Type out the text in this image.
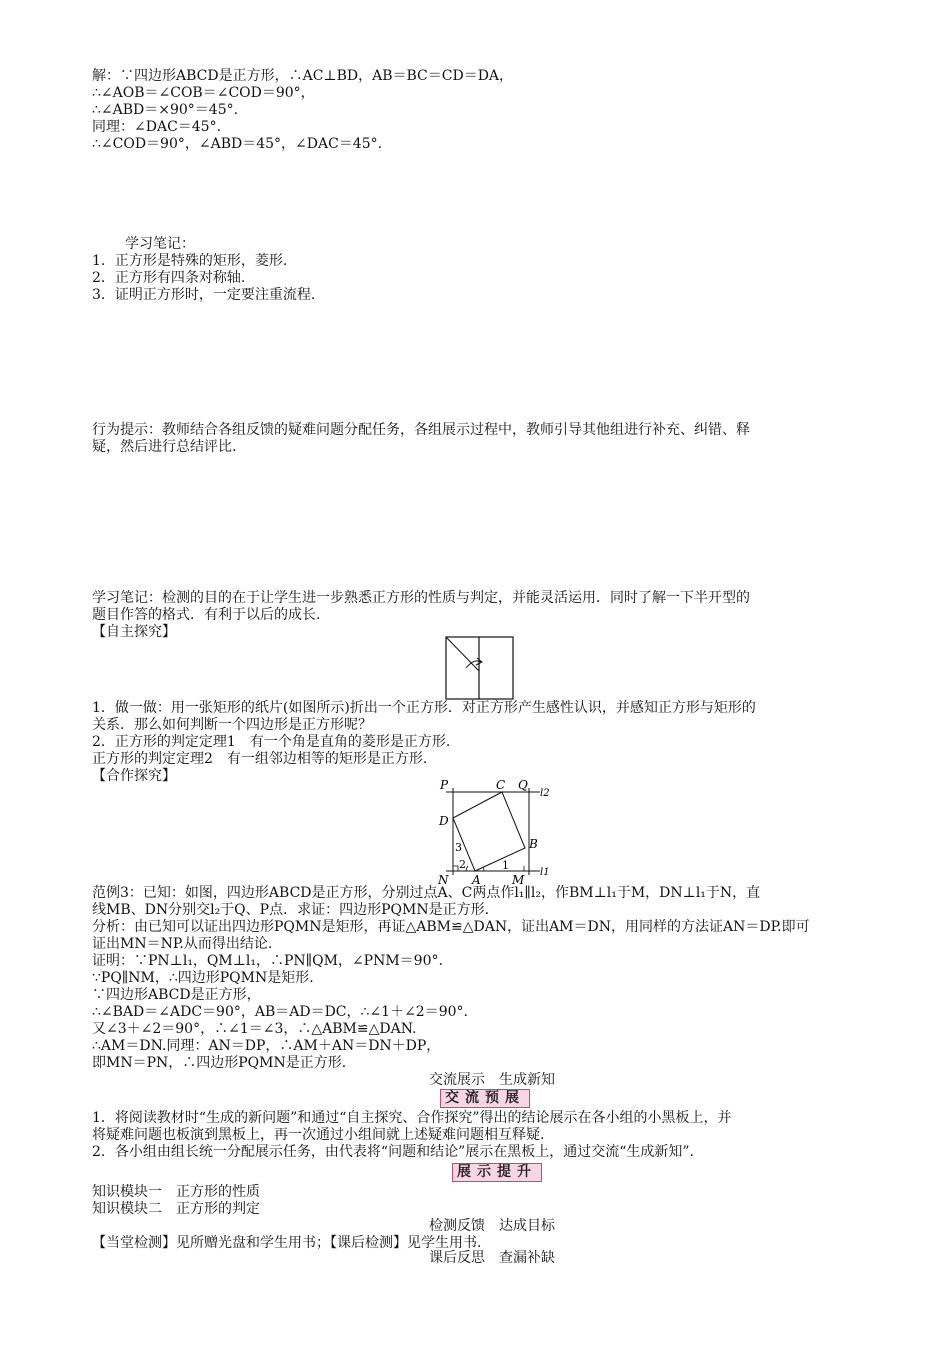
解：∵四边形ABCD是正方形，∴AC⊥BD，AB＝BC＝CD＝DA，
∴∠AOB＝∠COB＝∠COD＝90°，
∴∠ABD＝×90°＝45°.
同理：∠DAC＝45°.
∴∠COD＝90°，∠ABD＝45°，∠DAC＝45°.
学习笔记：
1．正方形是特殊的矩形，菱形.
2．正方形有四条对称轴.
3．证明正方形时，一定要注重流程.
行为提示：教师结合各组反馈的疑难问题分配任务，各组展示过程中，教师引导其他组进行补充、纠错、释
疑，然后进行总结评比.
学习笔记：检测的目的在于让学生进一步熟悉正方形的性质与判定，并能灵活运用．同时了解一下半开型的
题目作答的格式．有利于以后的成长.
【自主探究】
1．做一做：用一张矩形的纸片(如图所示)折出一个正方形．对正方形产生感性认识，并感知正方形与矩形的
关系．那么如何判断一个四边形是正方形呢？
2．正方形的判定定理1　有一个角是直角的菱形是正方形.
正方形的判定定理2　有一组邻边相等的矩形是正方形.
【合作探究】
P	C Q
l2
D
B
3
2
A
1
N	M
l1
范例3：已知：如图，四边形ABCD是正方形，分别过点A、C两点作l₁∥l₂，作BM⊥l₁于M，DN⊥l₁于N，直
线MB、DN分别交l₂于Q、P点．求证：四边形PQMN是正方形.
分析：由已知可以证出四边形PQMN是矩形，再证△ABM≌△DAN，证出AM＝DN，用同样的方法证AN＝DP.即可
证出MN＝NP.从而得出结论.
证明：∵PN⊥l₁，QM⊥l₁，∴PN∥QM，∠PNM＝90°.
∵PQ∥NM，∴四边形PQMN是矩形.
∵四边形ABCD是正方形，
∴∠BAD＝∠ADC＝90°，AB＝AD＝DC，∴∠1＋∠2＝90°.
又∠3＋∠2＝90°，∴∠1＝∠3，∴△ABM≌△DAN.
∴AM＝DN.同理：AN＝DP，∴AM＋AN＝DN＋DP，
即MN＝PN，∴四边形PQMN是正方形.
交流展示　生成新知
交流预展
1．将阅读教材时“生成的新问题”和通过“自主探究、合作探究”得出的结论展示在各小组的小黑板上，并
将疑难问题也板演到黑板上，再一次通过小组间就上述疑难问题相互释疑.
2．各小组由组长统一分配展示任务，由代表将“问题和结论”展示在黑板上，通过交流“生成新知”.
展示提升
知识模块一　正方形的性质
知识模块二　正方形的判定
检测反馈　达成目标
【当堂检测】见所赠光盘和学生用书；【课后检测】见学生用书.
课后反思　查漏补缺
